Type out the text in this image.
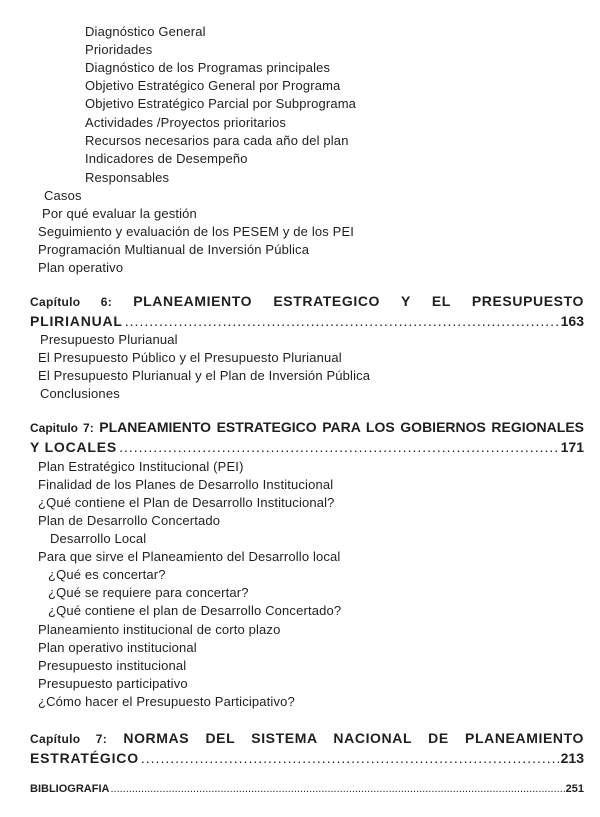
Diagnóstico General
Prioridades
Diagnóstico de los Programas principales
Objetivo Estratégico General por Programa
Objetivo Estratégico Parcial por Subprograma
Actividades /Proyectos prioritarios
Recursos necesarios para cada año del plan
Indicadores de Desempeño
Responsables
Casos
Por qué evaluar la gestión
Seguimiento y evaluación de los PESEM y de los PEI
Programación Multianual de Inversión Pública
Plan operativo
Capítulo 6: PLANEAMIENTO ESTRATEGICO Y EL PRESUPUESTO
PLIRIANUAL .....	163
Presupuesto Plurianual
El Presupuesto Público y el Presupuesto Plurianual
El Presupuesto Plurianual y el Plan de Inversión Pública
Conclusiones
Capitulo 7: PLANEAMIENTO ESTRATEGICO PARA LOS GOBIERNOS REGIONALES
Y LOCALES .....	171
Plan Estratégico Institucional (PEI)
Finalidad de los Planes de Desarrollo Institucional
¿Qué contiene el Plan de Desarrollo Institucional?
Plan de Desarrollo Concertado
Desarrollo Local
Para que sirve el Planeamiento del Desarrollo local
¿Qué es concertar?
¿Qué se requiere para concertar?
¿Qué contiene el plan de Desarrollo Concertado?
Planeamiento institucional de corto plazo
Plan operativo institucional
Presupuesto institucional
Presupuesto participativo
¿Cómo hacer el Presupuesto Participativo?
Capítulo 7: NORMAS DEL SISTEMA NACIONAL DE PLANEAMIENTO
ESTRATÉGICO .....	213
BIBLIOGRAFIA .....	251
